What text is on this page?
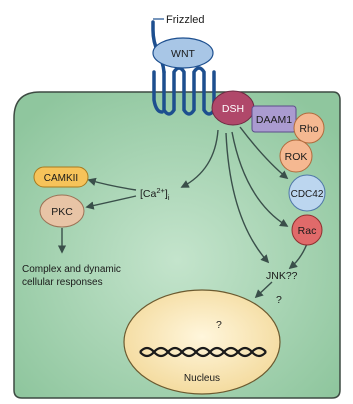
Frizzled
WNT
DSH
DAAM1
Rho
ROK
CDC42
Rac
CAMKII
PKC
$[Ca^{2+}]_i$
Complex and dynamic
cellular responses
JNK??
?
?
Nucleus
